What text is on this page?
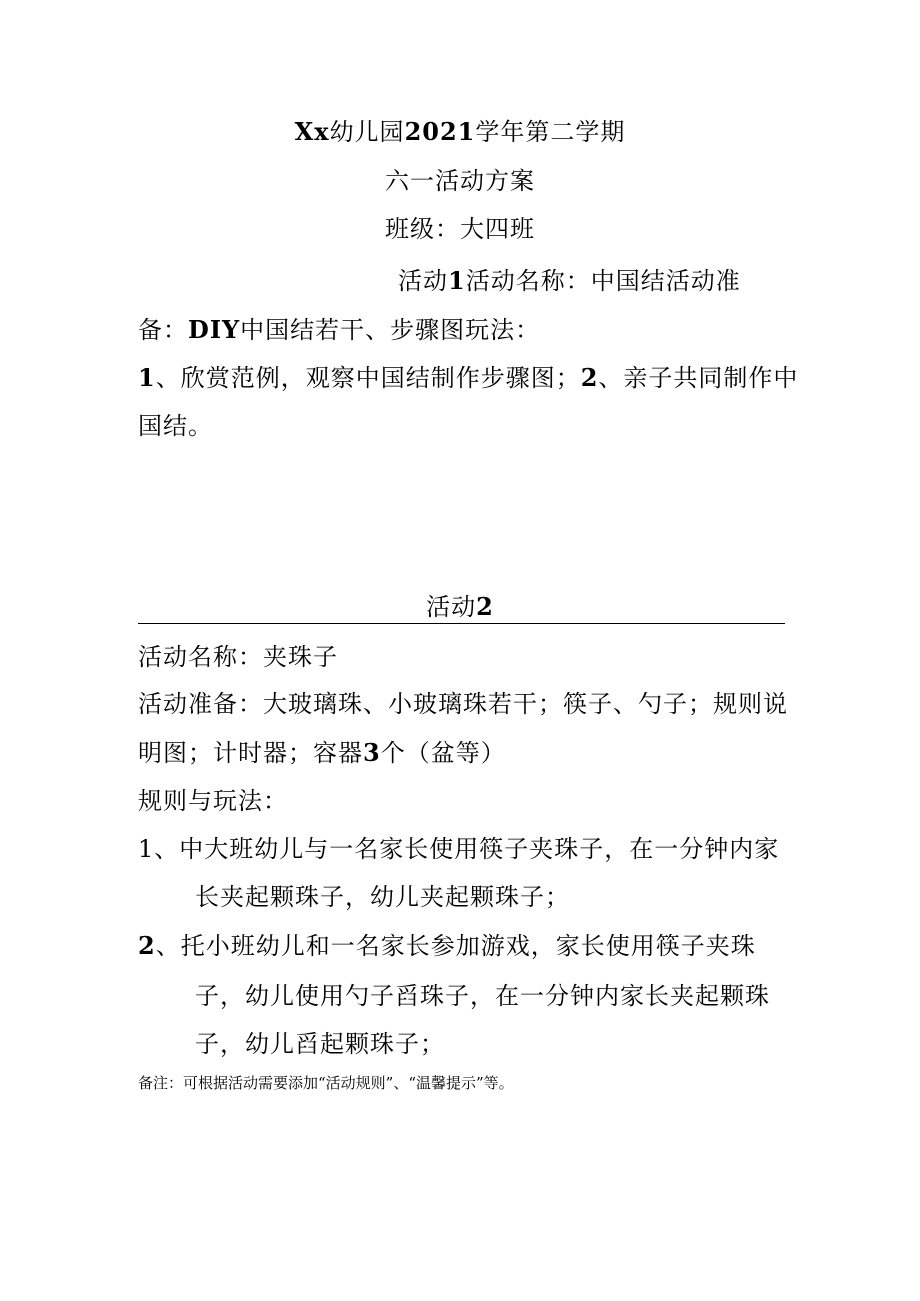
Xx幼儿园2021学年第二学期
六一活动方案
班级：大四班
活动1活动名称：中国结活动准
备：DIY中国结若干、步骤图玩法：
1、欣赏范例，观察中国结制作步骤图；2、亲子共同制作中
国结。
活动2
活动名称：夹珠子
活动准备：大玻璃珠、小玻璃珠若干；筷子、勺子；规则说
明图；计时器；容器3个（盆等）
规则与玩法：
1、中大班幼儿与一名家长使用筷子夹珠子，在一分钟内家
长夹起颗珠子，幼儿夹起颗珠子；
2、托小班幼儿和一名家长参加游戏，家长使用筷子夹珠
子，幼儿使用勺子舀珠子，在一分钟内家长夹起颗珠
子，幼儿舀起颗珠子；
备注：可根据活动需要添加“活动规则”、“温馨提示”等。
